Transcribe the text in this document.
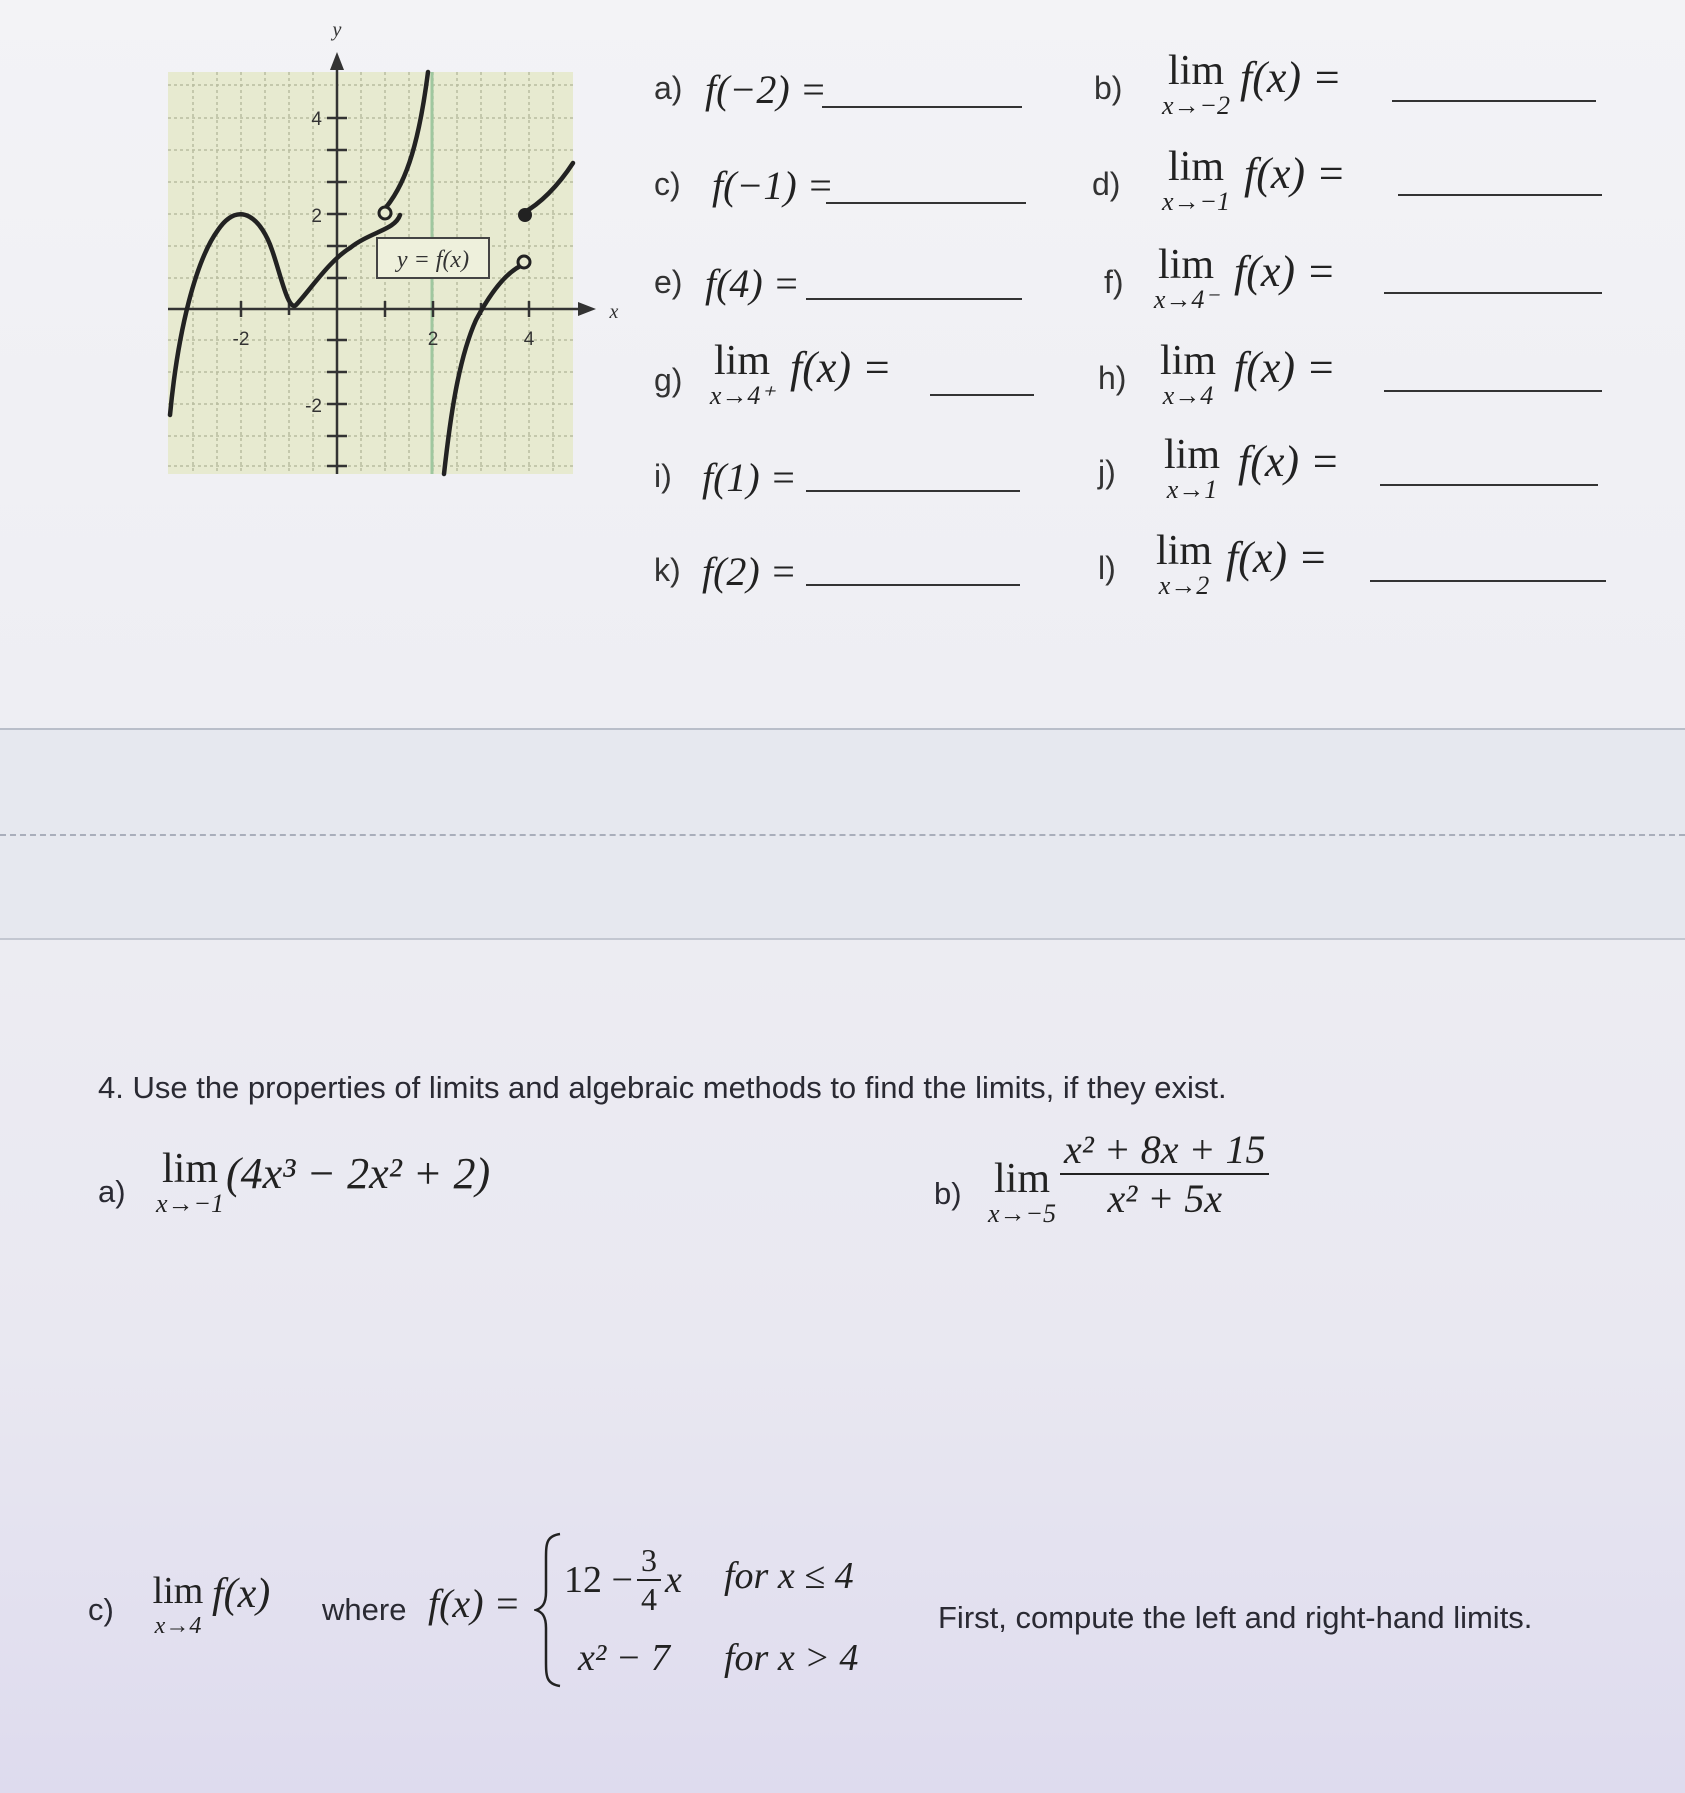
y = f(x)
y
x
-2	2	4
4
2
-2
a) f(−2) =
c) f(−1) =
e) f(4) =
g) lim
x→4⁺
f(x) =
i) f(1) =
k) f(2) =
b) lim
x→−2
f(x) =
d) lim
x→−1
f(x) =
f) lim
x→4⁻
f(x) =
h) lim
x→4
f(x) =
j) lim
x→1
f(x) =
l) lim
x→2
f(x) =
4. Use the properties of limits and algebraic methods to find the limits, if they exist.
a) lim
x→−1
(4x³ − 2x² + 2)	b) lim
$x\to-5 \frac{\text{x² + 8x + 15}}{\text{x² + 5x}}$
c) lim
x→4
f(x) where f(x) =
$12 - \frac{3}{4}$ x for x ≤ 4
x² − 7 for x > 4
First, compute the left and right-hand limits.
